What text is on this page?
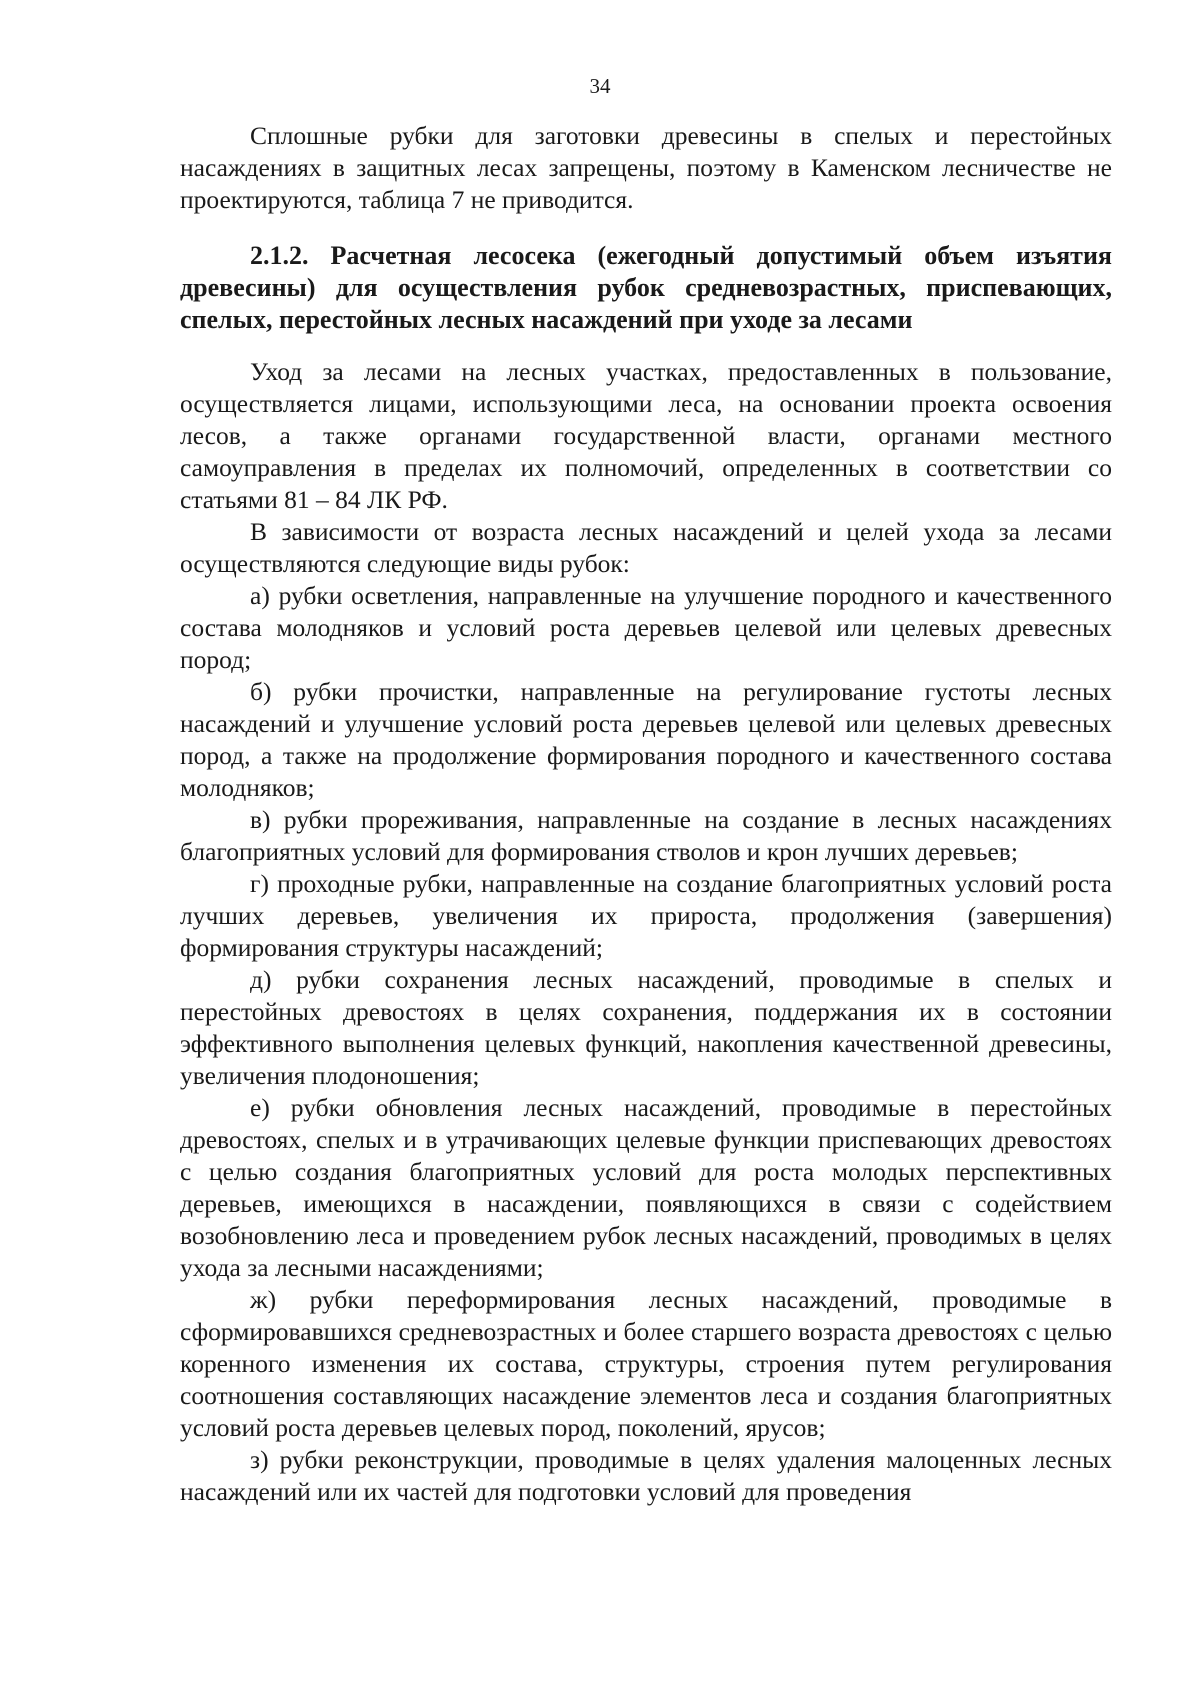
34

Сплошные рубки для заготовки древесины в спелых и перестойных насаждениях в защитных лесах запрещены, поэтому в Каменском лесничестве не проектируются, таблица 7 не приводится.

2.1.2. Расчетная лесосека (ежегодный допустимый объем изъятия древесины) для осуществления рубок средневозрастных, приспевающих, спелых, перестойных лесных насаждений при уходе за лесами

Уход за лесами на лесных участках, предоставленных в пользование, осуществляется лицами, использующими леса, на основании проекта освоения лесов, а также органами государственной власти, органами местного самоуправления в пределах их полномочий, определенных в соответствии со статьями 81 – 84 ЛК РФ.

В зависимости от возраста лесных насаждений и целей ухода за лесами осуществляются следующие виды рубок:

а) рубки осветления, направленные на улучшение породного и качественного состава молодняков и условий роста деревьев целевой или целевых древесных пород;

б) рубки прочистки, направленные на регулирование густоты лесных насаждений и улучшение условий роста деревьев целевой или целевых древесных пород, а также на продолжение формирования породного и качественного состава молодняков;

в) рубки прореживания, направленные на создание в лесных насаждениях благоприятных условий для формирования стволов и крон лучших деревьев;

г) проходные рубки, направленные на создание благоприятных условий роста лучших деревьев, увеличения их прироста, продолжения (завершения) формирования структуры насаждений;

д) рубки сохранения лесных насаждений, проводимые в спелых и перестойных древостоях в целях сохранения, поддержания их в состоянии эффективного выполнения целевых функций, накопления качественной древесины, увеличения плодоношения;

е) рубки обновления лесных насаждений, проводимые в перестойных древостоях, спелых и в утрачивающих целевые функции приспевающих древостоях с целью создания благоприятных условий для роста молодых перспективных деревьев, имеющихся в насаждении, появляющихся в связи с содействием возобновлению леса и проведением рубок лесных насаждений, проводимых в целях ухода за лесными насаждениями;

ж) рубки переформирования лесных насаждений, проводимые в сформировавшихся средневозрастных и более старшего возраста древостоях с целью коренного изменения их состава, структуры, строения путем регулирования соотношения составляющих насаждение элементов леса и создания благоприятных условий роста деревьев целевых пород, поколений, ярусов;

з) рубки реконструкции, проводимые в целях удаления малоценных лесных насаждений или их частей для подготовки условий для проведения
